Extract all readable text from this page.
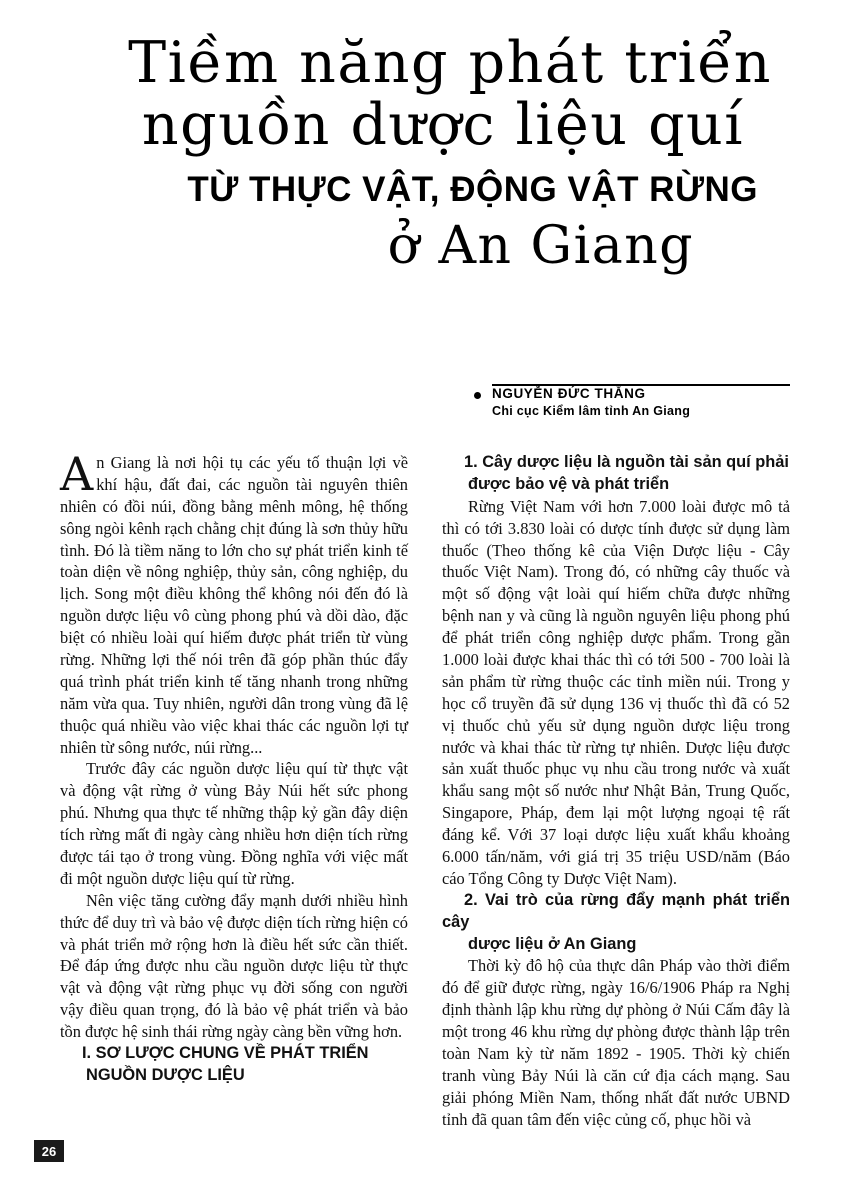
Tiềm năng phát triển
nguồn dược liệu quí
TỪ THỰC VẬT, ĐỘNG VẬT RỪNG
ở An Giang
NGUYỄN ĐỨC THẮNG
Chi cục Kiểm lâm tỉnh An Giang

An Giang là nơi hội tụ các yếu tố thuận lợi về khí hậu, đất đai, các nguồn tài nguyên thiên nhiên có đồi núi, đồng bằng mênh mông, hệ thống sông ngòi kênh rạch chằng chịt đúng là sơn thủy hữu tình. Đó là tiềm năng to lớn cho sự phát triển kinh tế toàn diện về nông nghiệp, thủy sản, công nghiệp, du lịch. Song một điều không thể không nói đến đó là nguồn dược liệu vô cùng phong phú và dồi dào, đặc biệt có nhiều loài quí hiếm được phát triển từ vùng rừng. Những lợi thế nói trên đã góp phần thúc đẩy quá trình phát triển kinh tế tăng nhanh trong những năm vừa qua. Tuy nhiên, người dân trong vùng đã lệ thuộc quá nhiều vào việc khai thác các nguồn lợi tự nhiên từ sông nước, núi rừng...

Trước đây các nguồn dược liệu quí từ thực vật và động vật rừng ở vùng Bảy Núi hết sức phong phú. Nhưng qua thực tế những thập kỷ gần đây diện tích rừng mất đi ngày càng nhiều hơn diện tích rừng được tái tạo ở trong vùng. Đồng nghĩa với việc mất đi một nguồn dược liệu quí từ rừng.

Nên việc tăng cường đẩy mạnh dưới nhiều hình thức để duy trì và bảo vệ được diện tích rừng hiện có và phát triển mở rộng hơn là điều hết sức cần thiết. Để đáp ứng được nhu cầu nguồn dược liệu từ thực vật và động vật rừng phục vụ đời sống con người vậy điều quan trọng, đó là bảo vệ phát triển và bảo tồn được hệ sinh thái rừng ngày càng bền vững hơn.

I. SƠ LƯỢC CHUNG VỀ PHÁT TRIỂN

NGUỒN DƯỢC LIỆU

1. Cây dược liệu là nguồn tài sản quí phải

được bảo vệ và phát triển

Rừng Việt Nam với hơn 7.000 loài được mô tả thì có tới 3.830 loài có dược tính được sử dụng làm thuốc (Theo thống kê của Viện Dược liệu - Cây thuốc Việt Nam). Trong đó, có những cây thuốc và một số động vật loài quí hiếm chữa được những bệnh nan y và cũng là nguồn nguyên liệu phong phú để phát triển công nghiệp dược phẩm. Trong gần 1.000 loài được khai thác thì có tới 500 - 700 loài là sản phẩm từ rừng thuộc các tỉnh miền núi. Trong y học cổ truyền đã sử dụng 136 vị thuốc thì đã có 52 vị thuốc chủ yếu sử dụng nguồn dược liệu trong nước và khai thác từ rừng tự nhiên. Dược liệu được sản xuất thuốc phục vụ nhu cầu trong nước và xuất khẩu sang một số nước như Nhật Bản, Trung Quốc, Singapore, Pháp, đem lại một lượng ngoại tệ rất đáng kể. Với 37 loại dược liệu xuất khẩu khoảng 6.000 tấn/năm, với giá trị 35 triệu USD/năm (Báo cáo Tổng Công ty Dược Việt Nam).

2. Vai trò của rừng đẩy mạnh phát triển cây

dược liệu ở An Giang

Thời kỳ đô hộ của thực dân Pháp vào thời điểm đó để giữ được rừng, ngày 16/6/1906 Pháp ra Nghị định thành lập khu rừng dự phòng ở Núi Cấm đây là một trong 46 khu rừng dự phòng được thành lập trên toàn Nam kỳ từ năm 1892 - 1905. Thời kỳ chiến tranh vùng Bảy Núi là căn cứ địa cách mạng. Sau giải phóng Miền Nam, thống nhất đất nước UBND tỉnh đã quan tâm đến việc củng cố, phục hồi và

26
